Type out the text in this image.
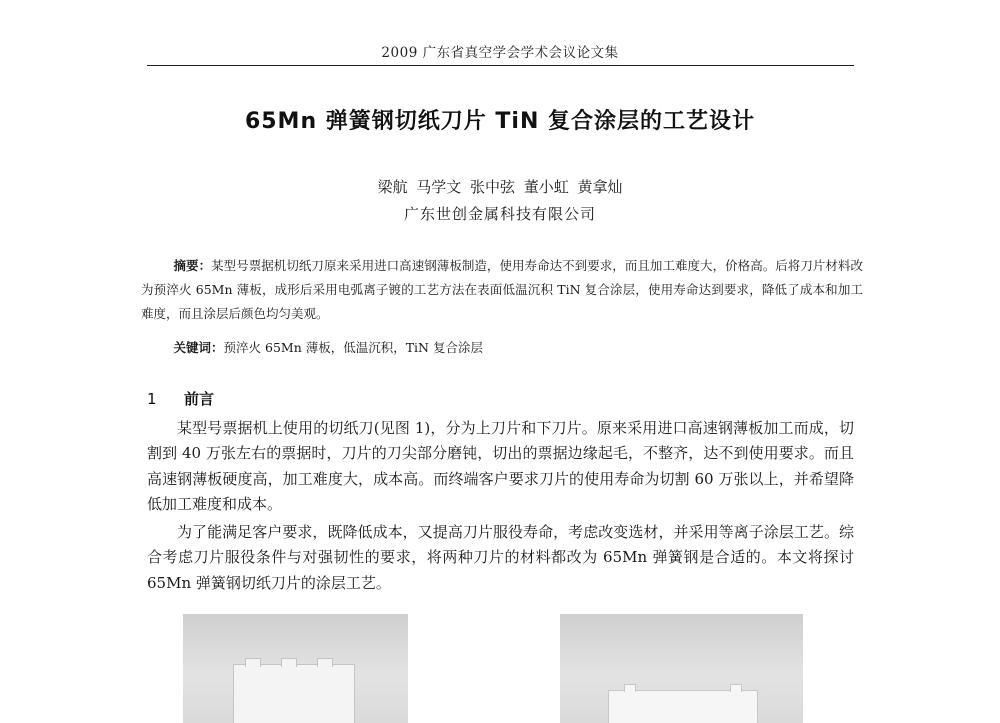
2009 广东省真空学会学术会议论文集
65Mn 弹簧钢切纸刀片 TiN 复合涂层的工艺设计
梁航 马学文 张中弦 董小虹 黄拿灿
广东世创金属科技有限公司
摘要：某型号票据机切纸刀原来采用进口高速钢薄板制造，使用寿命达不到要求，而且加工难度大，价格高。后将刀片材料改为预淬火 65Mn 薄板，成形后采用电弧离子镀的工艺方法在表面低温沉积 TiN 复合涂层，使用寿命达到要求，降低了成本和加工难度，而且涂层后颜色均匀美观。
关键词：预淬火 65Mn 薄板，低温沉积，TiN 复合涂层
1 前言
某型号票据机上使用的切纸刀(见图 1)，分为上刀片和下刀片。原来采用进口高速钢薄板加工而成，切割到 40 万张左右的票据时，刀片的刀尖部分磨钝，切出的票据边缘起毛，不整齐，达不到使用要求。而且高速钢薄板硬度高，加工难度大，成本高。而终端客户要求刀片的使用寿命为切割 60 万张以上，并希望降低加工难度和成本。
为了能满足客户要求，既降低成本，又提高刀片服役寿命，考虑改变选材，并采用等离子涂层工艺。综合考虑刀片服役条件与对强韧性的要求，将两种刀片的材料都改为 65Mn 弹簧钢是合适的。本文将探讨 65Mn 弹簧钢切纸刀片的涂层工艺。
